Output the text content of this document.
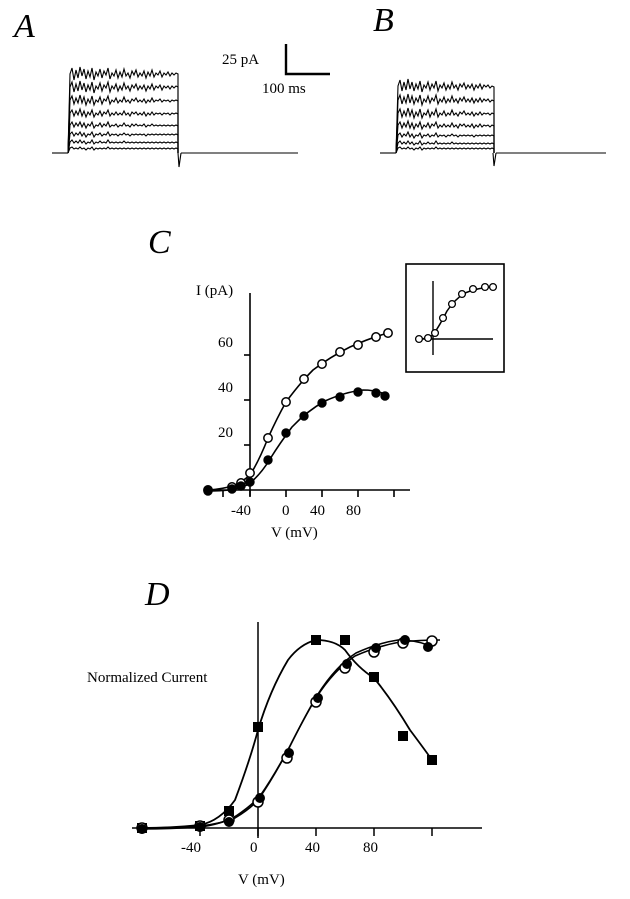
A
25 pA
100 ms
B
C
I (pA)
60
40
20
-40 0 40 80
V (mV)
D
Normalized Current
-40	0	40	80
V (mV)
